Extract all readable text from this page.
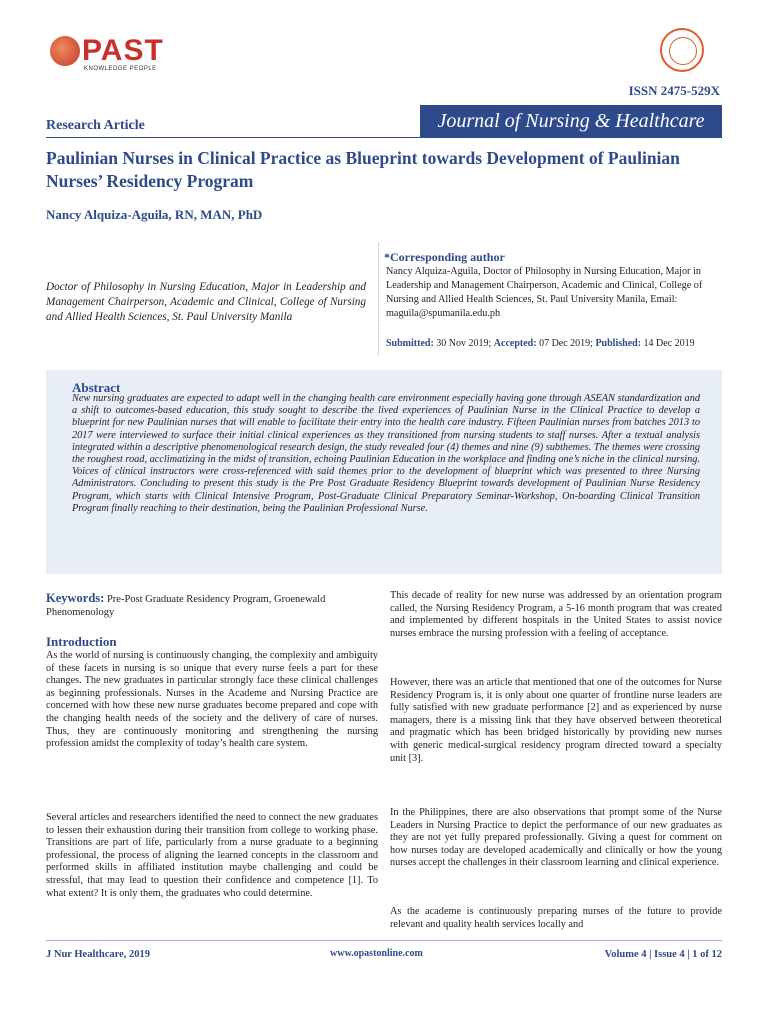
PAST
KNOWLEDGE PEOPLE
ISSN 2475-529X
Journal of Nursing & Healthcare
Research Article
Paulinian Nurses in Clinical Practice as Blueprint towards Development of Paulinian Nurses’ Residency Program
Nancy Alquiza-Aguila, RN, MAN, PhD
Doctor of Philosophy in Nursing Education, Major in Leadership and Management Chairperson, Academic and Clinical, College of Nursing and Allied Health Sciences, St. Paul University Manila
*Corresponding author
Nancy Alquiza-Aguila, Doctor of Philosophy in Nursing Education, Major in Leadership and Management Chairperson, Academic and Clinical, College of Nursing and Allied Health Sciences, St. Paul University Manila, Email: maguila@spumanila.edu.ph
Submitted: 30 Nov 2019; Accepted: 07 Dec 2019; Published: 14 Dec 2019
Abstract
New nursing graduates are expected to adapt well in the changing health care environment especially having gone through ASEAN standardization and a shift to outcomes-based education, this study sought to describe the lived experiences of Paulinian Nurse in the Clinical Practice to develop a blueprint for new Paulinian nurses that will enable to facilitate their entry into the health care industry. Fifteen Paulinian nurses from batches 2013 to 2017 were interviewed to surface their initial clinical experiences as they transitioned from nursing students to staff nurses. After a textual analysis integrated within a descriptive phenomenological research design, the study revealed four (4) themes and nine (9) subthemes. The themes were crossing the roughest road, acclimatizing in the midst of transition, echoing Paulinian Education in the workplace and finding one’s niche in the clinical nursing. Voices of clinical instructors were cross-referenced with said themes prior to the development of blueprint which was presented to three Nursing Administrators. Concluding to present this study is the Pre Post Graduate Residency Blueprint towards development of Paulinian Nurse Residency Program, which starts with Clinical Intensive Program, Post-Graduate Clinical Preparatory Seminar-Workshop, On-boarding Clinical Transition Program finally reaching to their destination, being the Paulinian Professional Nurse.
Keywords: Pre-Post Graduate Residency Program, Groenewald Phenomenology
Introduction
As the world of nursing is continuously changing, the complexity and ambiguity of these facets in nursing is so unique that every nurse feels a part for these changes. The new graduates in particular strongly face these clinical challenges as beginning professionals. Nurses in the Academe and Nursing Practice are concerned with how these new nurse graduates become prepared and cope with the changing health needs of the society and the delivery of care of nurses. Thus, they are continuously monitoring and strengthening the nursing profession amidst the complexity of today’s health care system.
Several articles and researchers identified the need to connect the new graduates to lessen their exhaustion during their transition from college to working phase. Transitions are part of life, particularly from a nurse graduate to a beginning professional, the process of aligning the learned concepts in the classroom and performed skills in affiliated institution maybe challenging and could be stressful, that may lead to question their confidence and competence [1]. To what extent? It is only them, the graduates who could determine.
This decade of reality for new nurse was addressed by an orientation program called, the Nursing Residency Program, a 5-16 month program that was created and implemented by different hospitals in the United States to assist novice nurses embrace the nursing profession with a feeling of acceptance.
However, there was an article that mentioned that one of the outcomes for Nurse Residency Program is, it is only about one quarter of frontline nurse leaders are fully satisfied with new graduate performance [2] and as experienced by nurse managers, there is a missing link that they have observed between theoretical and pragmatic which has been bridged historically by providing new nurses with generic medical-surgical residency program directed toward a specialty unit [3].
In the Philippines, there are also observations that prompt some of the Nurse Leaders in Nursing Practice to depict the performance of our new graduates as they are not yet fully prepared professionally. Giving a quest for comment on how nurses today are developed academically and clinically or how the young nurses accept the challenges in their classroom learning and clinical experience.
As the academe is continuously preparing nurses of the future to provide relevant and quality health services locally and
J Nur Healthcare, 2019	www.opastonline.com	Volume 4 | Issue 4 | 1 of 12
